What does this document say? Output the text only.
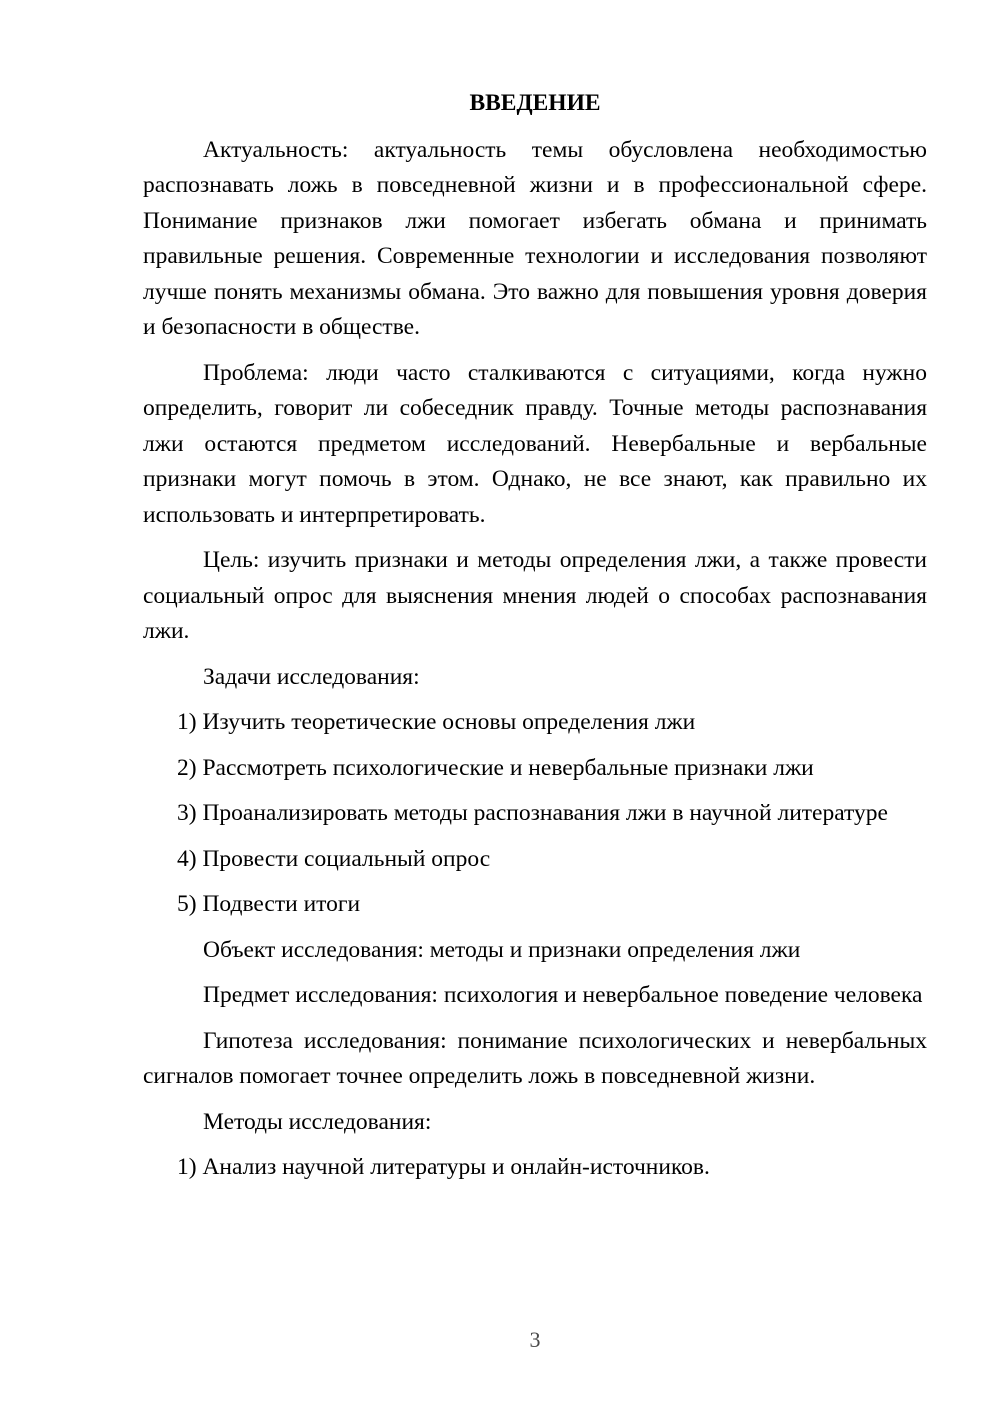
ВВЕДЕНИЕ

Актуальность: актуальность темы обусловлена необходимостью распознавать ложь в повседневной жизни и в профессиональной сфере. Понимание признаков лжи помогает избегать обмана и принимать правильные решения. Современные технологии и исследования позволяют лучше понять механизмы обмана. Это важно для повышения уровня доверия и безопасности в обществе.

Проблема: люди часто сталкиваются с ситуациями, когда нужно определить, говорит ли собеседник правду. Точные методы распознавания лжи остаются предметом исследований. Невербальные и вербальные признаки могут помочь в этом. Однако, не все знают, как правильно их использовать и интерпретировать.

Цель: изучить признаки и методы определения лжи, а также провести социальный опрос для выяснения мнения людей о способах распознавания лжи.

Задачи исследования:

1) Изучить теоретические основы определения лжи

2) Рассмотреть психологические и невербальные признаки лжи

3) Проанализировать методы распознавания лжи в научной литературе

4) Провести социальный опрос

5) Подвести итоги

Объект исследования: методы и признаки определения лжи

Предмет исследования: психология и невербальное поведение человека

Гипотеза исследования: понимание психологических и невербальных сигналов помогает точнее определить ложь в повседневной жизни.

Методы исследования:

1) Анализ научной литературы и онлайн-источников.

3
